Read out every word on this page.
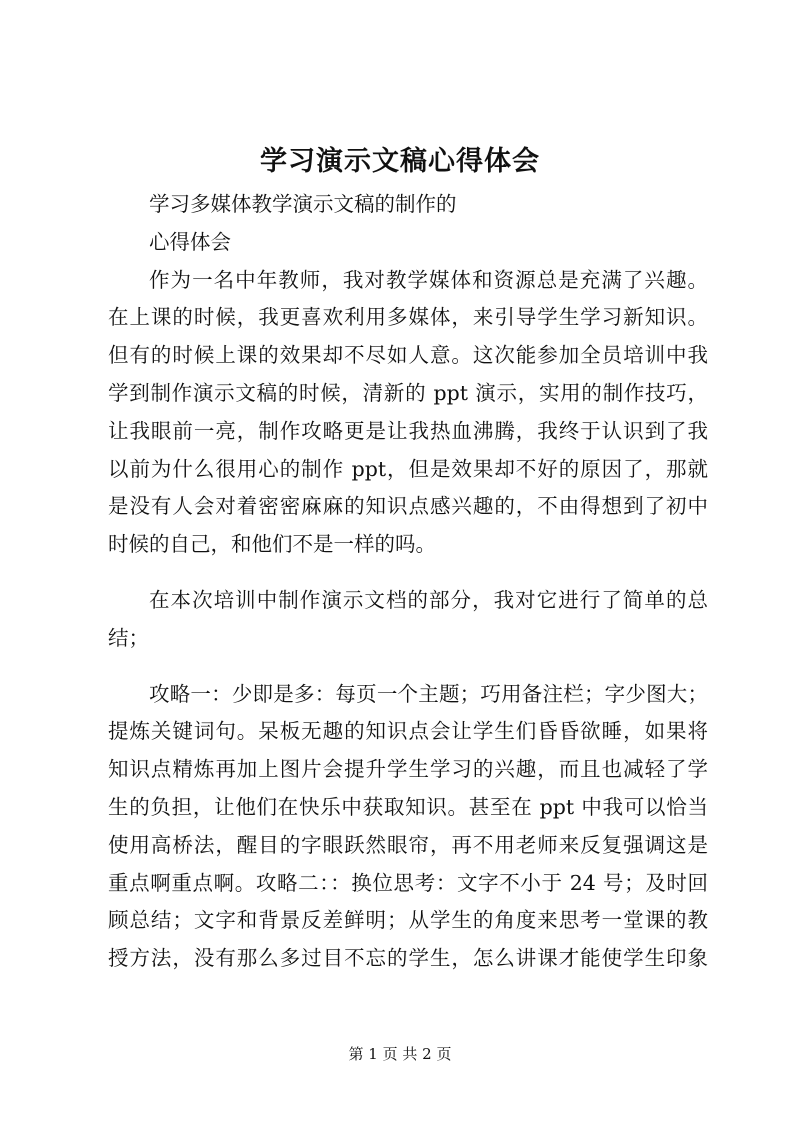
学习演示文稿心得体会
学习多媒体教学演示文稿的制作的
心得体会
作为一名中年教师，我对教学媒体和资源总是充满了兴趣。
在上课的时候，我更喜欢利用多媒体，来引导学生学习新知识。
但有的时候上课的效果却不尽如人意。这次能参加全员培训中我
学到制作演示文稿的时候，清新的 ppt 演示，实用的制作技巧，
让我眼前一亮，制作攻略更是让我热血沸腾，我终于认识到了我
以前为什么很用心的制作 ppt，但是效果却不好的原因了，那就
是没有人会对着密密麻麻的知识点感兴趣的，不由得想到了初中
时候的自己，和他们不是一样的吗。
在本次培训中制作演示文档的部分，我对它进行了简单的总
结；
攻略一：少即是多：每页一个主题；巧用备注栏；字少图大；
提炼关键词句。呆板无趣的知识点会让学生们昏昏欲睡，如果将
知识点精炼再加上图片会提升学生学习的兴趣，而且也减轻了学
生的负担，让他们在快乐中获取知识。甚至在 ppt 中我可以恰当
使用高桥法，醒目的字眼跃然眼帘，再不用老师来反复强调这是
重点啊重点啊。攻略二：：换位思考：文字不小于 24 号；及时回
顾总结；文字和背景反差鲜明；从学生的角度来思考一堂课的教
授方法，没有那么多过目不忘的学生，怎么讲课才能使学生印象
第 1 页 共 2 页
